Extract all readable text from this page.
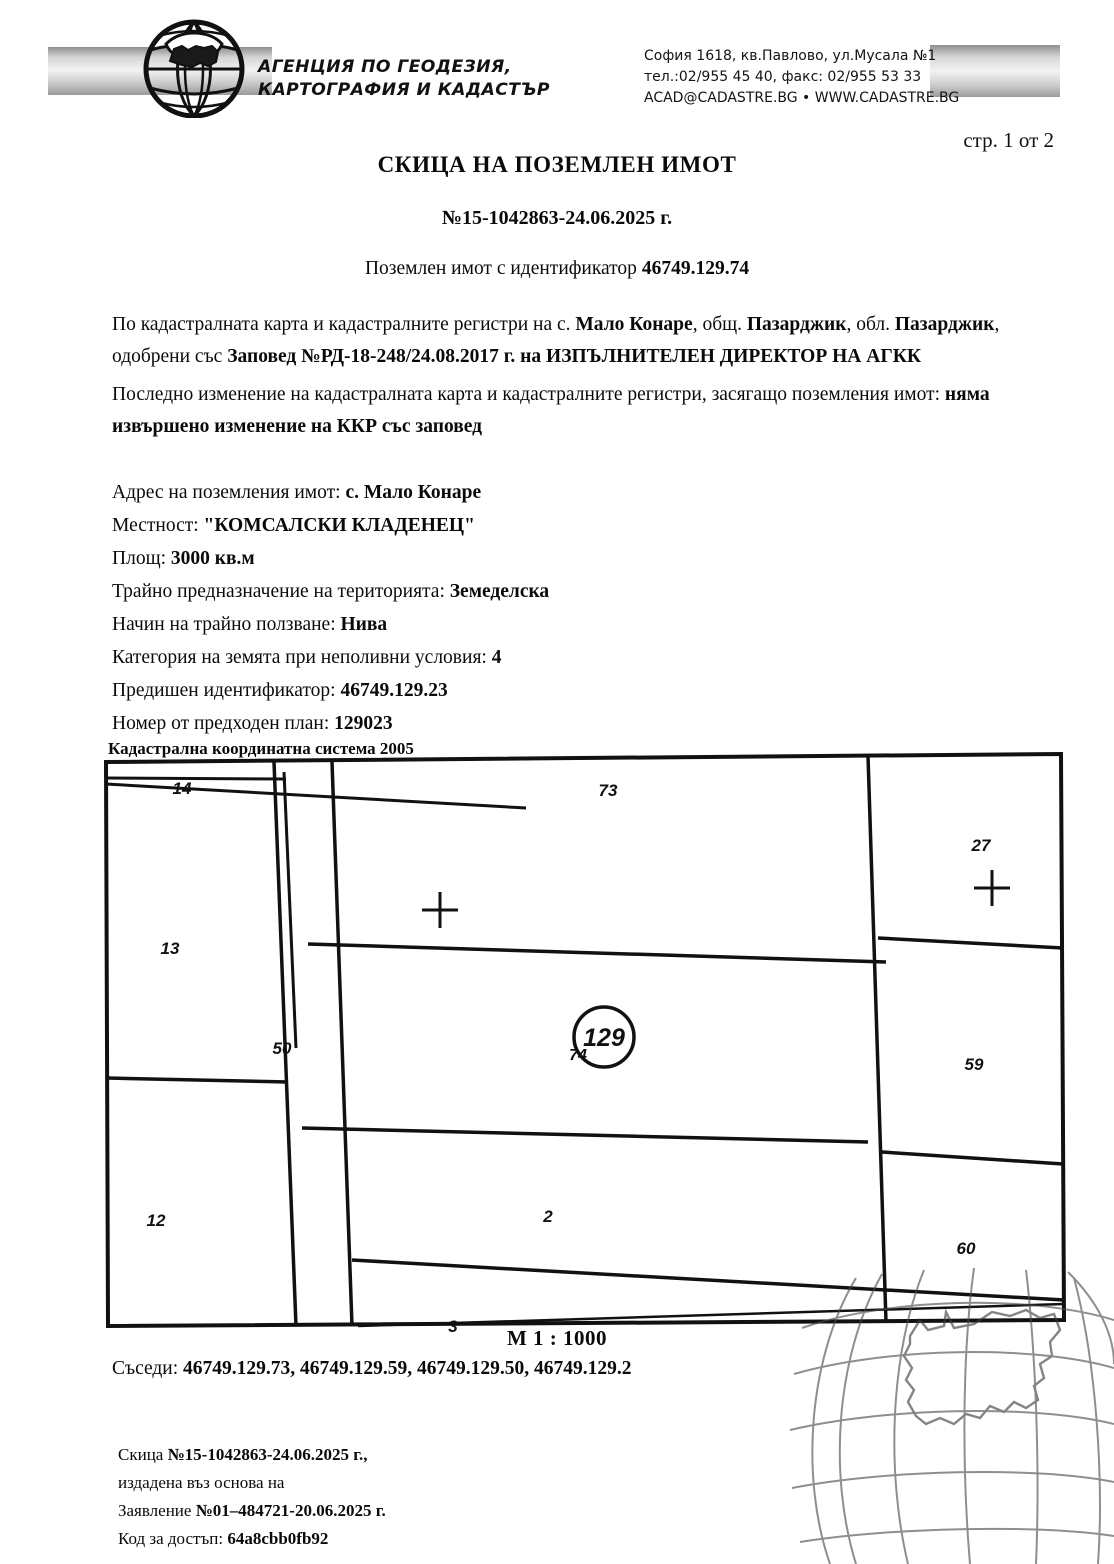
АГЕНЦИЯ ПО ГЕОДЕЗИЯ,
КАРТОГРАФИЯ И КАДАСТЪР
София 1618, кв.Павлово, ул.Мусала №1
тел.:02/955 45 40, факс: 02/955 53 33
ACAD@CADASTRE.BG • WWW.CADASTRE.BG
стр. 1 от 2
СКИЦА НА ПОЗЕМЛЕН ИМОТ
№15-1042863-24.06.2025 г.
Поземлен имот с идентификатор 46749.129.74

По кадастралната карта и кадастралните регистри на с. Мало Конаре, общ. Пазарджик, обл. Пазарджик, одобрени със Заповед №РД-18-248/24.08.2017 г. на ИЗПЪЛНИТЕЛЕН ДИРЕКТОР НА АГКК

Последно изменение на кадастралната карта и кадастралните регистри, засягащо поземления имот: няма извършено изменение на ККР със заповед

Адрес на поземления имот: с. Мало Конаре
Местност: "КОМСАЛСКИ КЛАДЕНЕЦ"
Площ: 3000 кв.м
Трайно предназначение на територията: Земеделска
Начин на трайно ползване: Нива
Категория на земята при неполивни условия: 4
Предишен идентификатор: 46749.129.23
Номер от предходен план: 129023
Кадастрална координатна система 2005
129
74
14	73
27
13
50
59
12	2
60
3	M 1 : 1000
Съседи: 46749.129.73, 46749.129.59, 46749.129.50, 46749.129.2
Скица №15-1042863-24.06.2025 г.,
издадена въз основа на
Заявление №01–484721-20.06.2025 г.
Код за достъп: 64a8cbb0fb92
